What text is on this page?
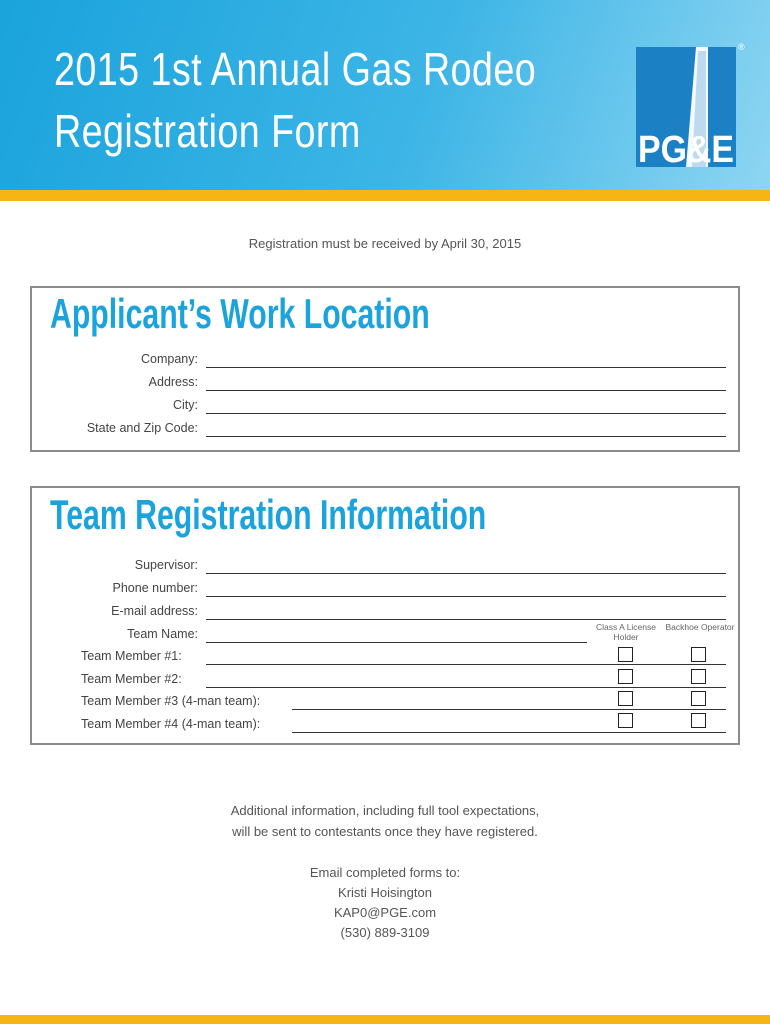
2015 1st Annual Gas Rodeo
Registration Form	PG&E
®
Registration must be received by April 30, 2015
Applicant’s Work Location
Company:
Address:
City:
State and Zip Code:
Team Registration Information
Supervisor:
Phone number:
E-mail address:
Class A License Holder
Backhoe Operator
Team Name:
Team Member #1:
Team Member #2:
Team Member #3 (4-man team):
Team Member #4 (4-man team):
Additional information, including full tool expectations,
will be sent to contestants once they have registered.
Email completed forms to:
Kristi Hoisington
KAP0@PGE.com
(530) 889-3109
